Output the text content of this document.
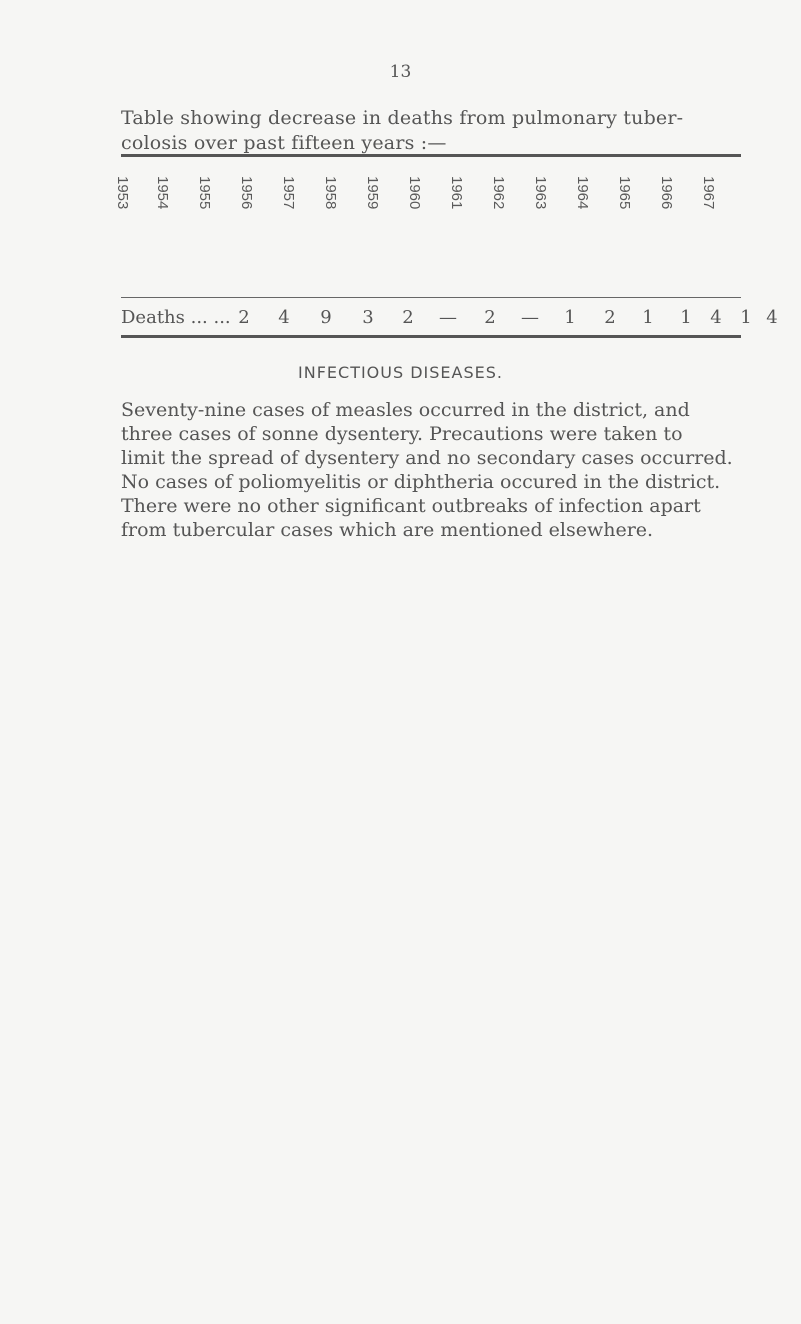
13
Table showing decrease in deaths from pulmonary tuber-
colosis over past fifteen years :—
1953 1954 1955 1956 1957 1958 1959 1960 1961 1962 1963 1964 1965 1966 1967
Deaths ... ... 2	4	9	3	2	—	2	—	1	2	1	1	4	1 4
INFECTIOUS DISEASES.
Seventy-nine cases of measles occurred in the district, and
three cases of sonne dysentery. Precautions were taken to
limit the spread of dysentery and no secondary cases occurred.
No cases of poliomyelitis or diphtheria occured in the district.
There were no other significant outbreaks of infection apart
from tubercular cases which are mentioned elsewhere.
